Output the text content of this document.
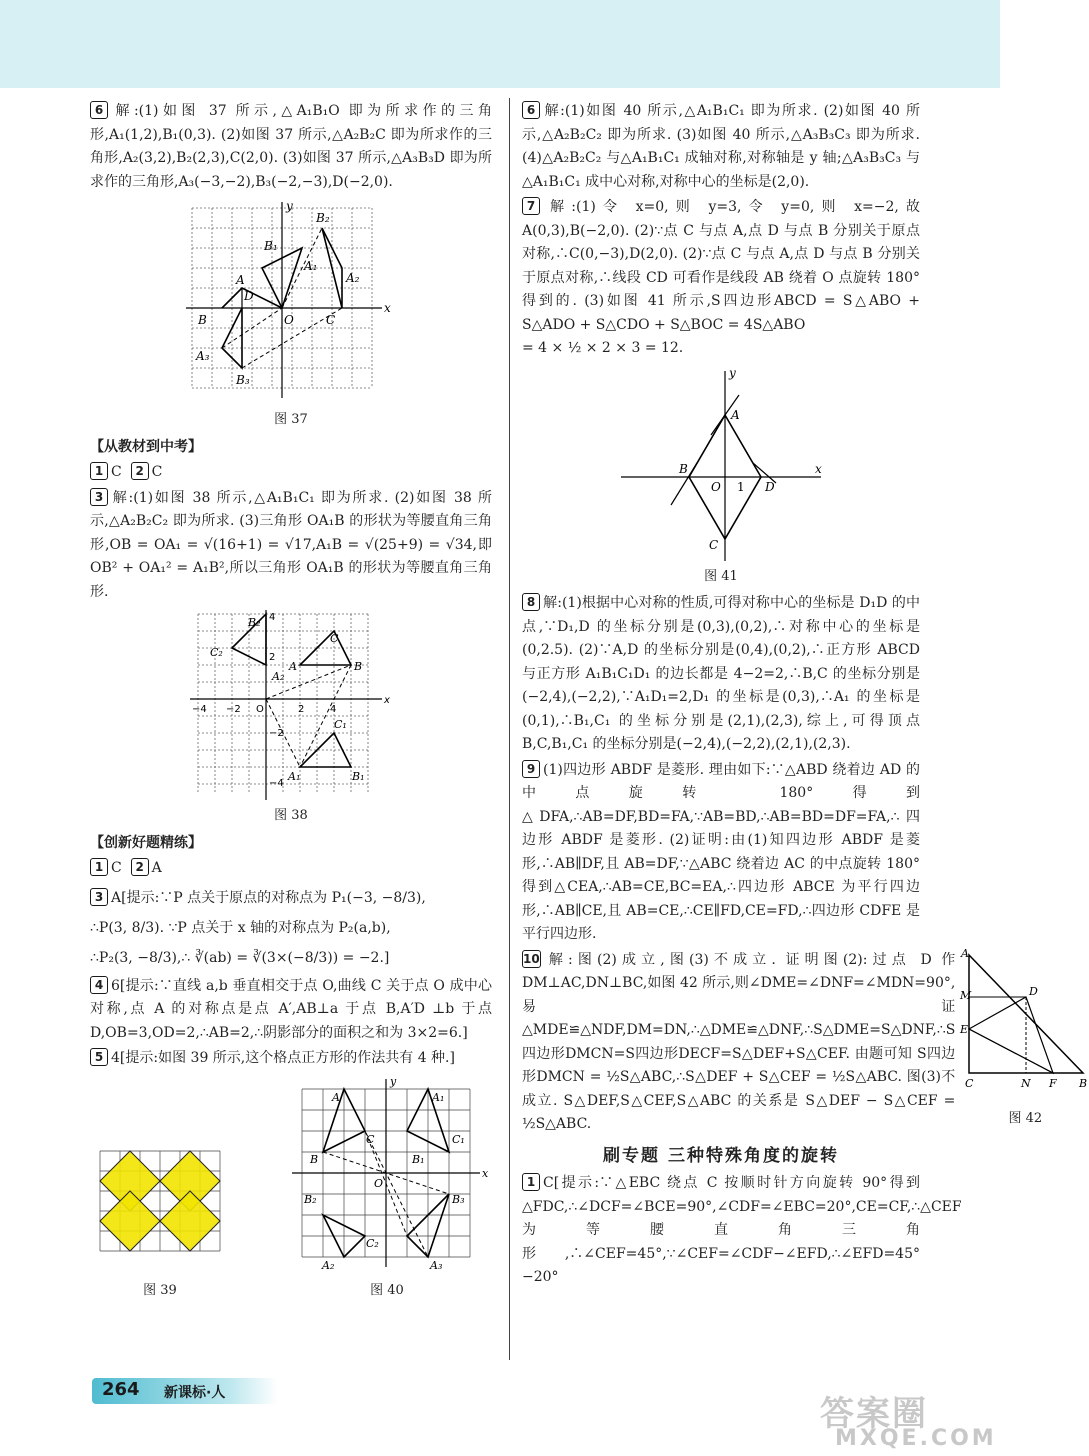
6 解:(1)如图 37 所示,△A₁B₁O 即为所求作的三角形,A₁(1,2),B₁(0,3). (2)如图 37 所示,△A₂B₂C 即为所求作的三角形,A₂(3,2),B₂(2,3),C(2,0). (3)如图 37 所示,△A₃B₃D 即为所求作的三角形,A₃(−3,−2),B₃(−2,−3),D(−2,0).

B₂
B₁
A
A₁
A₂
D
B	O	C
A₃
B₃
x
y

图 37

【从教材到中考】

1 C 2 C

3 解:(1)如图 38 所示,△A₁B₁C₁ 即为所求. (2)如图 38 所示,△A₂B₂C₂ 即为所求. (3)三角形 OA₁B 的形状为等腰直角三角形,OB = OA₁ = √(16+1) = √17,A₁B = √(25+9) = √34,即 OB² + OA₁² = A₁B²,所以三角形 OA₁B 的形状为等腰直角三角形.

B₂
C₂
A₂
C
A	B
C₁
A₁	B₁
4
2
−2
−4
4
2
−2
−4	O
x

图 38

【创新好题精练】

1 C 2 A

3 A[提示:∵P 点关于原点的对称点为 P₁(−3, −8/3),
∴P(3, 8/3). ∵P 点关于 x 轴的对称点为 P₂(a,b),
∴P₂(3, −8/3),∴ ∛(ab) = ∛(3×(−8/3)) = −2.]

4 6[提示:∵直线 a,b 垂直相交于点 O,曲线 C 关于点 O 成中心对称,点 A 的对称点是点 A′,AB⊥a 于点 B,A′D ⊥b 于点 D,OB=3,OD=2,∴AB=2,∴阴影部分的面积之和为 3×2=6.]

5 4[提示:如图 39 所示,这个格点正方形的作法共有 4 种.]

图 39

A	A₁
C	C₁
B	B₁
O
B₂	B₃
C₂
A₂	A₃
x
y

图 40

6 解:(1)如图 40 所示,△A₁B₁C₁ 即为所求. (2)如图 40 所示,△A₂B₂C₂ 即为所求. (3)如图 40 所示,△A₃B₃C₃ 即为所求. (4)△A₂B₂C₂ 与△A₁B₁C₁ 成轴对称,对称轴是 y 轴;△A₃B₃C₃ 与△A₁B₁C₁ 成中心对称,对称中心的坐标是(2,0).

7 解:(1)令 x=0,则 y=3,令 y=0,则 x=−2,故 A(0,3),B(−2,0). (2)∵点 C 与点 A,点 D 与点 B 分别关于原点对称,∴C(0,−3),D(2,0). (2)∵点 C 与点 A,点 D 与点 B 分别关于原点对称,∴线段 CD 可看作是线段 AB 绕着 O 点旋转 180° 得到的. (3)如图 41 所示,S四边形ABCD = S△ABO + S△ADO + S△CDO + S△BOC = 4S△ABO
= 4 × ½ × 2 × 3 = 12.

A
B
C
D
O 1
x
y

图 41

8 解:(1)根据中心对称的性质,可得对称中心的坐标是 D₁D 的中点,∵D₁,D 的坐标分别是(0,3),(0,2),∴对称中心的坐标是(0,2.5). (2)∵A,D 的坐标分别是(0,4),(0,2),∴正方形 ABCD 与正方形 A₁B₁C₁D₁ 的边长都是 4−2=2,∴B,C 的坐标分别是(−2,4),(−2,2),∵A₁D₁=2,D₁ 的坐标是(0,3),∴A₁ 的坐标是(0,1),∴B₁,C₁ 的坐标分别是(2,1),(2,3),综上,可得顶点 B,C,B₁,C₁ 的坐标分别是(−2,4),(−2,2),(2,1),(2,3).

9 (1)四边形 ABDF 是菱形. 理由如下:∵△ABD 绕着边 AD 的中点旋转 180°得到△DFA,∴AB=DF,BD=FA,∵AB=BD,∴AB=BD=DF=FA,∴四边形 ABDF 是菱形. (2)证明:由(1)知四边形 ABDF 是菱形,∴AB∥DF,且 AB=DF,∵△ABC 绕着边 AC 的中点旋转 180°得到△CEA,∴AB=CE,BC=EA,∴四边形 ABCE 为平行四边形,∴AB∥CE,且 AB=CE,∴CE∥FD,CE=FD,∴四边形 CDFE 是平行四边形.

10 解:图(2)成立,图(3)不成立. 证明图(2):过点 D 作 DM⊥AC,DN⊥BC,如图 42 所示,则∠DME=∠DNF=∠MDN=90°,易证△MDE≌△NDF,DM=DN,∴△DME≌△DNF,∴S△DME=S△DNF,∴S四边形DMCN=S四边形DECF=S△DEF+S△CEF. 由题可知 S四边形DMCN = ½S△ABC,∴S△DEF + S△CEF = ½S△ABC. 图(3)不成立. S△DEF,S△CEF,S△ABC 的关系是 S△DEF − S△CEF = ½S△ABC.

A
M	D
E
C	N F B

图 42

刷专题 三种特殊角度的旋转

1 C[提示:∵△EBC 绕点 C 按顺时针方向旋转 90°得到△FDC,∴∠DCF=∠BCE=90°,∠CDF=∠EBC=20°,CE=CF,∴△CEF 为等腰直角三角形,∴∠CEF=45°,∵∠CEF=∠CDF−∠EFD,∴∠EFD=45°−20°

264 新课标·人
答案圈
MXQE.COM
